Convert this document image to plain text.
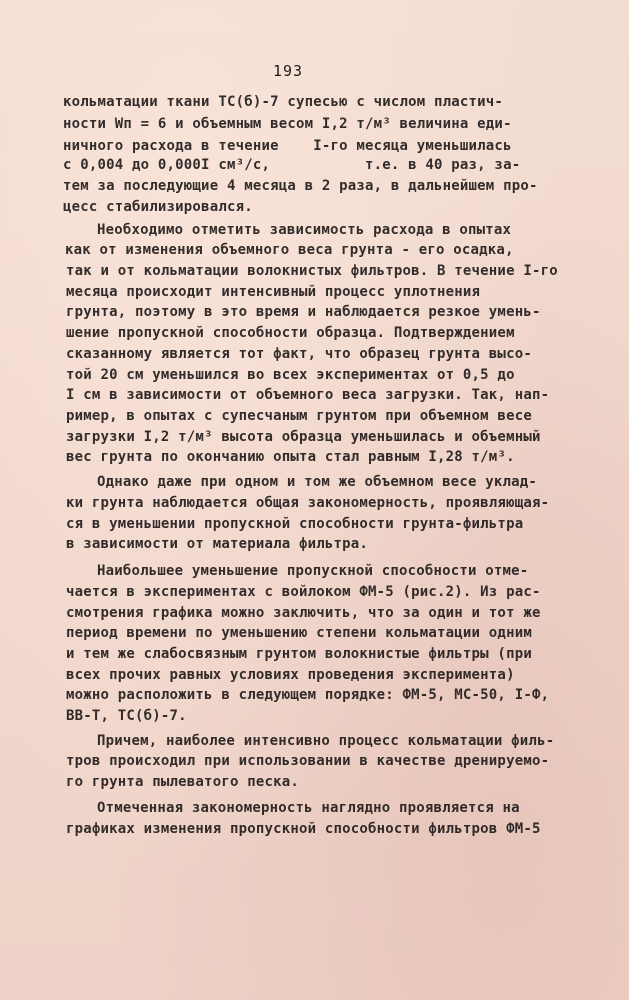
193
кольматации ткани ТС(б)-7 супесью с числом пластич-
ности Wп = 6 и объемным весом I,2 т/м³ величина еди-
ничного расхода в течение    I-го месяца уменьшилась
с 0,004 до 0,000I см³/с,           т.е. в 40 раз, за-
тем за последующие 4 месяца в 2 раза, в дальнейшем про-
цесс стабилизировался.
Необходимо отметить зависимость расхода в опытах
как от изменения объемного веса грунта - его осадка,
так и от кольматации волокнистых фильтров. В течение I-го
месяца происходит интенсивный процесс уплотнения
грунта, поэтому в это время и наблюдается резкое умень-
шение пропускной способности образца. Подтверждением
сказанному является тот факт, что образец грунта высо-
той 20 см уменьшился во всех экспериментах от 0,5 до
I см в зависимости от объемного веса загрузки. Так, нап-
ример, в опытах с супесчаным грунтом при объемном весе
загрузки I,2 т/м³ высота образца уменьшилась и объемный
вес грунта по окончанию опыта стал равным I,28 т/м³.
Однако даже при одном и том же объемном весе уклад-
ки грунта наблюдается общая закономерность, проявляющая-
ся в уменьшении пропускной способности грунта-фильтра
в зависимости от материала фильтра.
Наибольшее уменьшение пропускной способности отме-
чается в экспериментах с войлоком ФМ-5 (рис.2). Из рас-
смотрения графика можно заключить, что за один и тот же
период времени по уменьшению степени кольматации одним
и тем же слабосвязным грунтом волокнистые фильтры (при
всех прочих равных условиях проведения эксперимента)
можно расположить в следующем порядке: ФМ-5, МС-50, I-Ф,
ВВ-Т, ТС(б)-7.
Причем, наиболее интенсивно процесс кольматации филь-
тров происходил при использовании в качестве дренируемо-
го грунта пылеватого песка.
Отмеченная закономерность наглядно проявляется на
графиках изменения пропускной способности фильтров ФМ-5
